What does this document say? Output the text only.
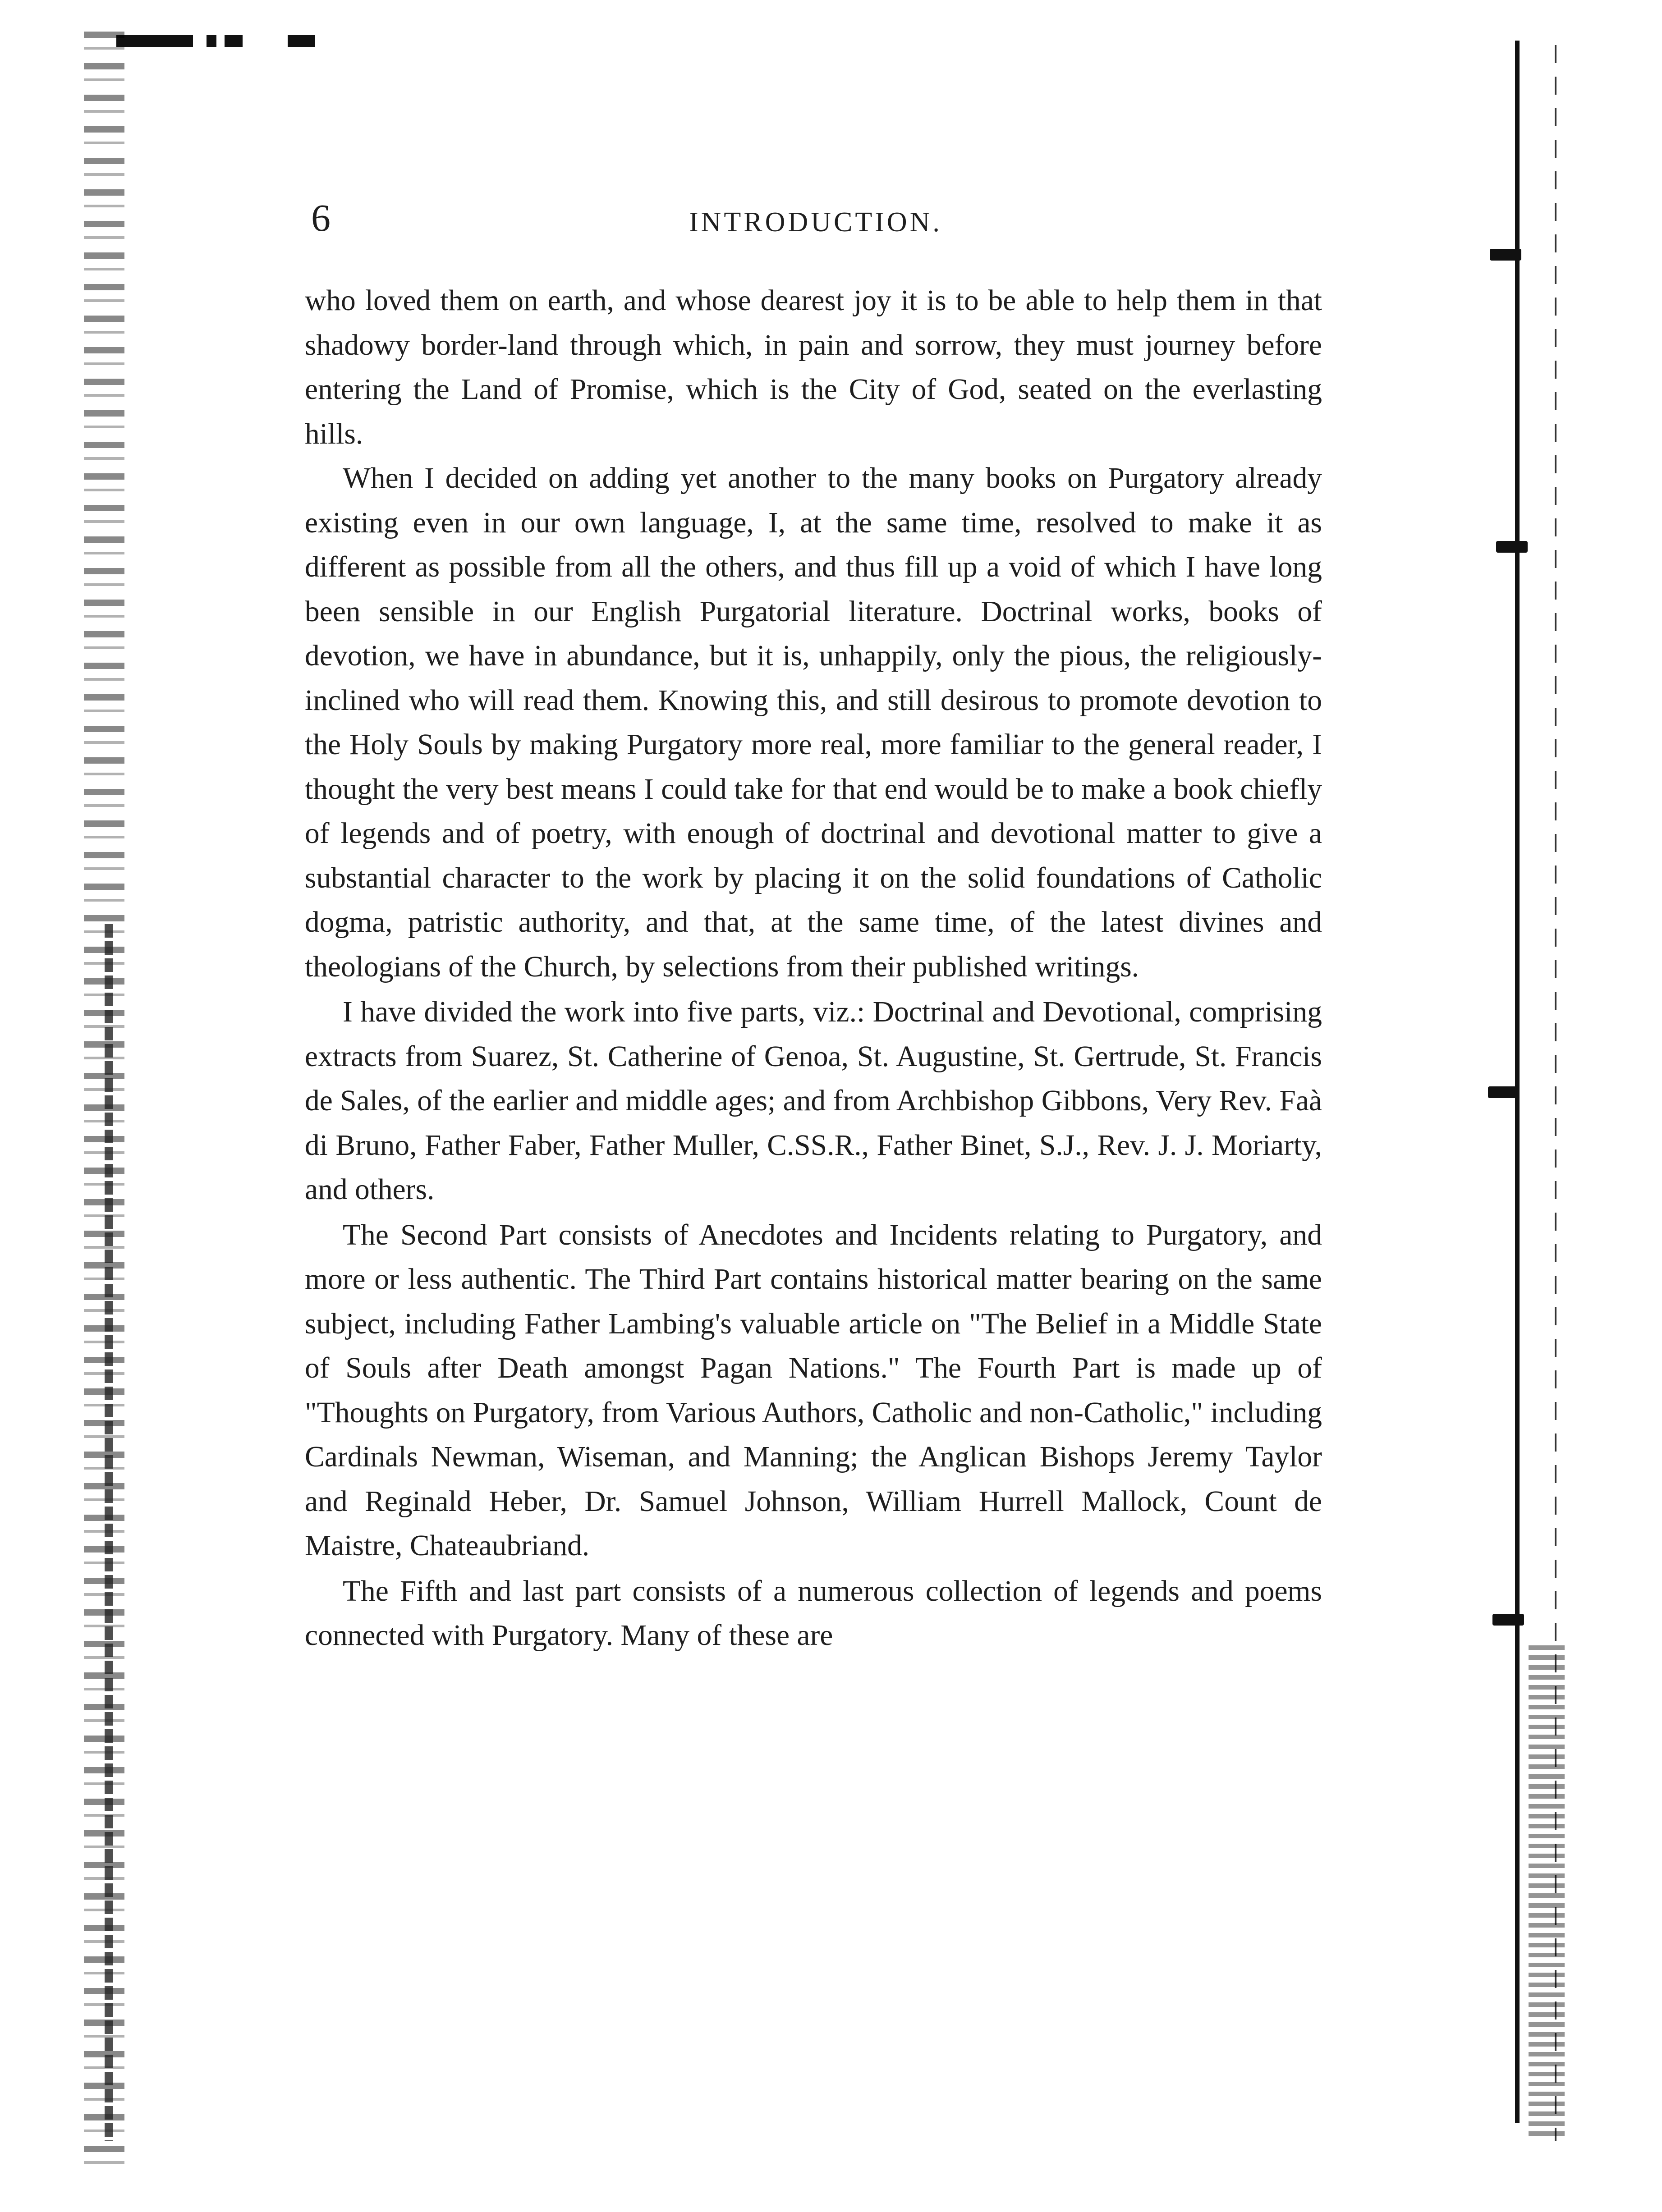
6	INTRODUCTION.

who loved them on earth, and whose dearest joy it is to be able to help them in that shadowy border-land through which, in pain and sorrow, they must journey before entering the Land of Promise, which is the City of God, seated on the everlasting hills.

When I decided on adding yet another to the many books on Purgatory already existing even in our own language, I, at the same time, resolved to make it as different as possible from all the others, and thus fill up a void of which I have long been sensible in our English Purgatorial literature. Doctrinal works, books of devotion, we have in abundance, but it is, unhappily, only the pious, the religiously-inclined who will read them. Knowing this, and still desirous to promote devotion to the Holy Souls by making Purgatory more real, more familiar to the general reader, I thought the very best means I could take for that end would be to make a book chiefly of legends and of poetry, with enough of doctrinal and devotional matter to give a substantial character to the work by placing it on the solid foundations of Catholic dogma, patristic authority, and that, at the same time, of the latest divines and theologians of the Church, by selections from their published writings.

I have divided the work into five parts, viz.: Doctrinal and Devotional, comprising extracts from Suarez, St. Catherine of Genoa, St. Augustine, St. Gertrude, St. Francis de Sales, of the earlier and middle ages; and from Archbishop Gibbons, Very Rev. Faà di Bruno, Father Faber, Father Muller, C.SS.R., Father Binet, S.J., Rev. J. J. Moriarty, and others.

The Second Part consists of Anecdotes and Incidents relating to Purgatory, and more or less authentic. The Third Part contains historical matter bearing on the same subject, including Father Lambing's valuable article on "The Belief in a Middle State of Souls after Death amongst Pagan Nations." The Fourth Part is made up of "Thoughts on Purgatory, from Various Authors, Catholic and non-Catholic," including Cardinals Newman, Wiseman, and Manning; the Anglican Bishops Jeremy Taylor and Reginald Heber, Dr. Samuel Johnson, William Hurrell Mallock, Count de Maistre, Chateaubriand.

The Fifth and last part consists of a numerous collection of legends and poems connected with Purgatory. Many of these are
